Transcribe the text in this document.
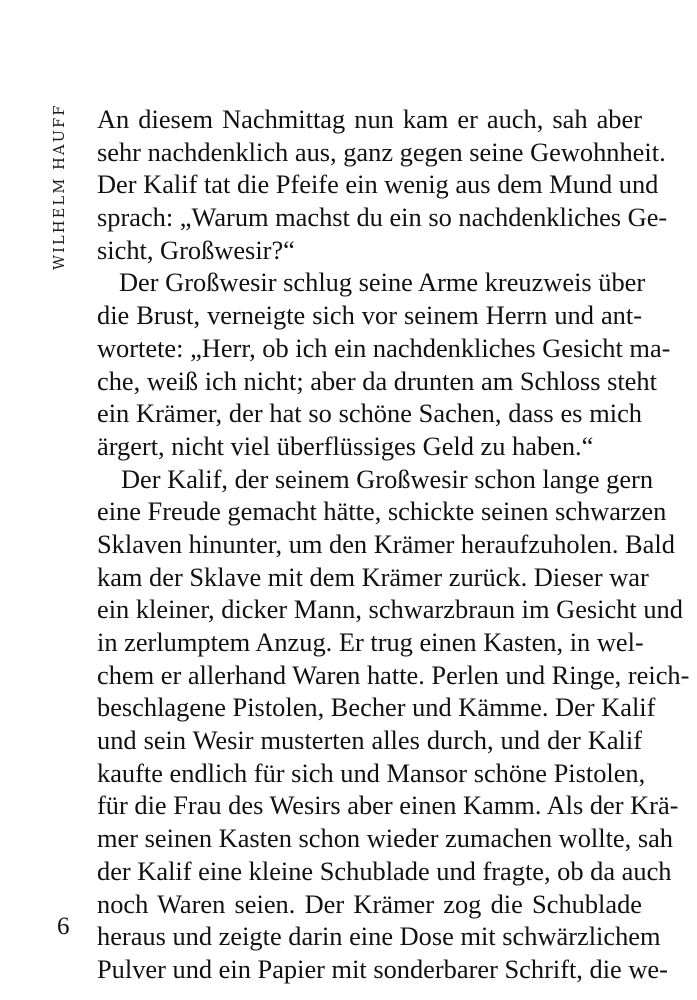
WILHELM HAUFF An diesem Nachmittag nun kam er auch, sah aber
sehr nachdenklich aus, ganz gegen seine Gewohnheit.
Der Kalif tat die Pfeife ein wenig aus dem Mund und
sprach: „Warum machst du ein so nachdenkliches Ge-
sicht, Großwesir?“
Der Großwesir schlug seine Arme kreuzweis über
die Brust, verneigte sich vor seinem Herrn und ant-
wortete: „Herr, ob ich ein nachdenkliches Gesicht ma-
che, weiß ich nicht; aber da drunten am Schloss steht
ein Krämer, der hat so schöne Sachen, dass es mich
ärgert, nicht viel überflüssiges Geld zu haben.“
Der Kalif, der seinem Großwesir schon lange gern
eine Freude gemacht hätte, schickte seinen schwarzen
Sklaven hinunter, um den Krämer heraufzuholen. Bald
kam der Sklave mit dem Krämer zurück. Dieser war
ein kleiner, dicker Mann, schwarzbraun im Gesicht und
in zerlumptem Anzug. Er trug einen Kasten, in wel-
chem er allerhand Waren hatte. Perlen und Ringe, reich-
beschlagene Pistolen, Becher und Kämme. Der Kalif
und sein Wesir musterten alles durch, und der Kalif
kaufte endlich für sich und Mansor schöne Pistolen,
für die Frau des Wesirs aber einen Kamm. Als der Krä-
mer seinen Kasten schon wieder zumachen wollte, sah
der Kalif eine kleine Schublade und fragte, ob da auch
noch Waren seien. Der Krämer zog die Schublade
heraus und zeigte darin eine Dose mit schwärzlichem
Pulver und ein Papier mit sonderbarer Schrift, die we-
6
